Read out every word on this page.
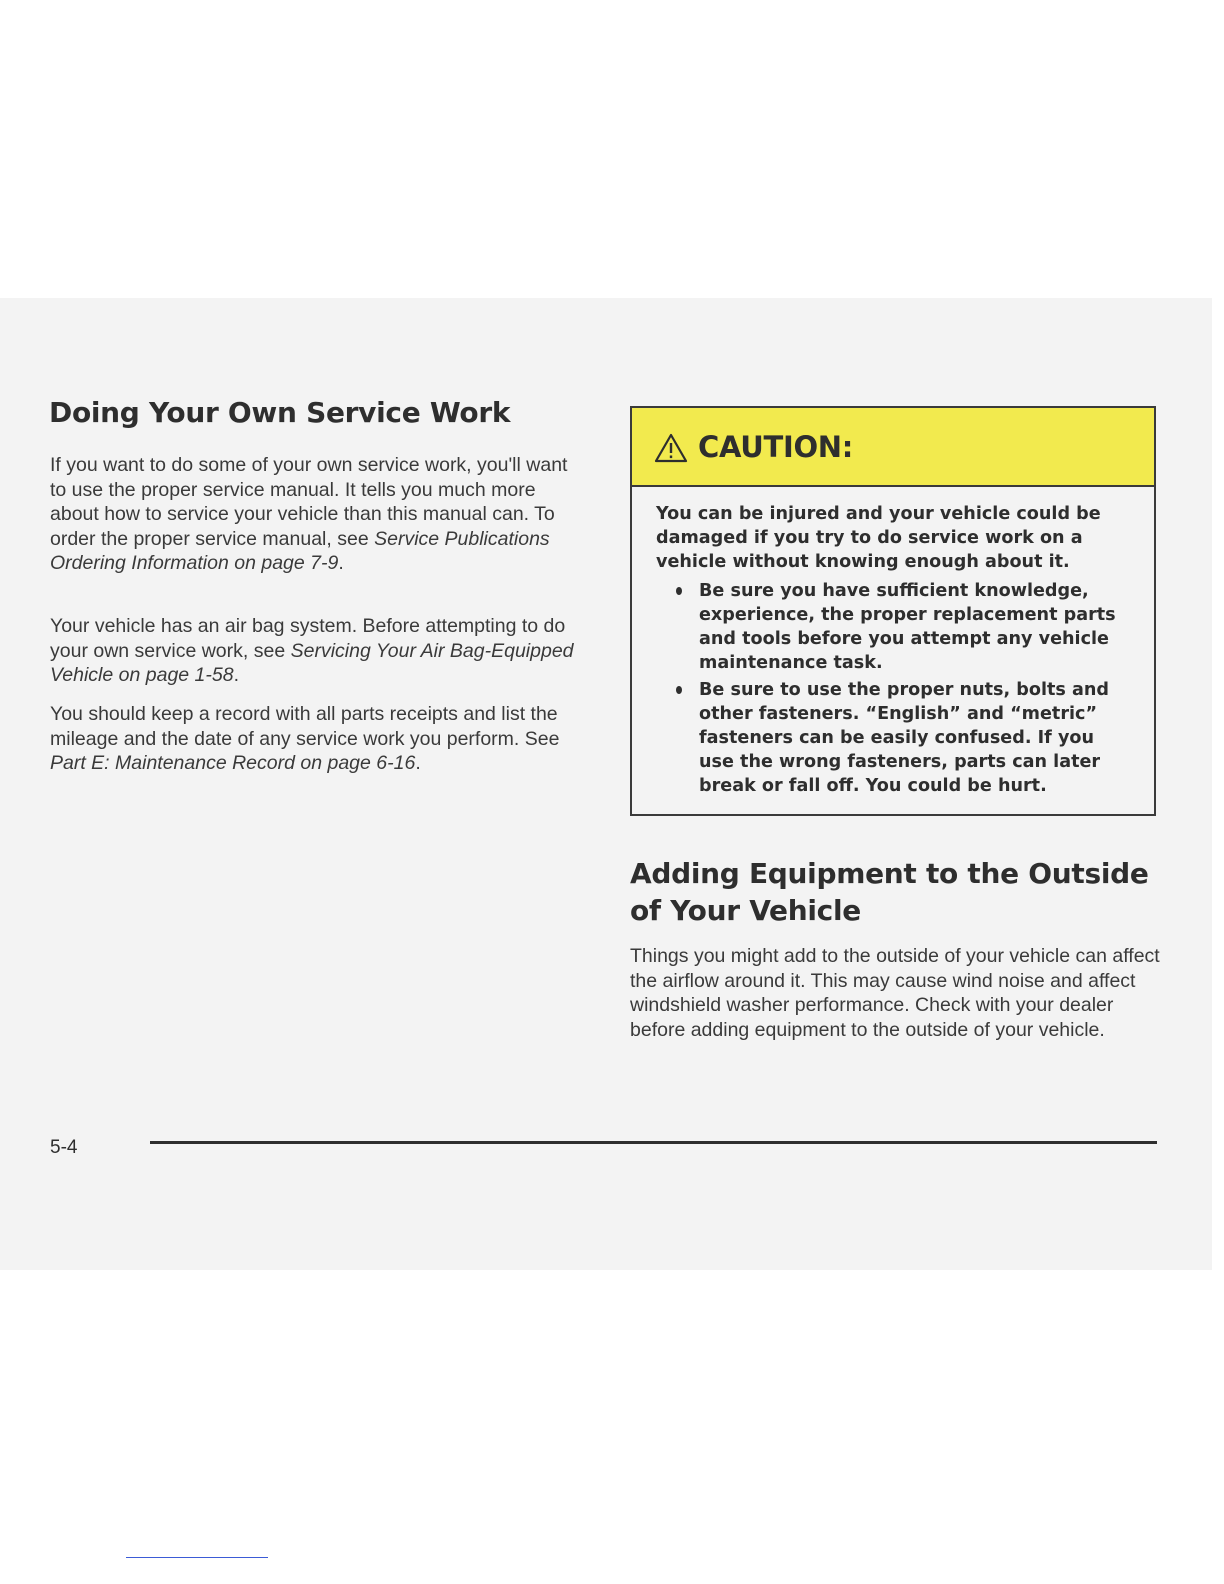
Doing Your Own Service Work

If you want to do some of your own service work, you'll want to use the proper service manual. It tells you much more about how to service your vehicle than this manual can. To order the proper service manual, see Service Publications Ordering Information on page 7-9.

Your vehicle has an air bag system. Before attempting to do your own service work, see Servicing Your Air Bag-Equipped Vehicle on page 1-58.

You should keep a record with all parts receipts and list the mileage and the date of any service work you perform. See Part E: Maintenance Record on page 6-16.

CAUTION:

You can be injured and your vehicle could be damaged if you try to do service work on a vehicle without knowing enough about it.

Be sure you have sufficient knowledge, experience, the proper replacement parts and tools before you attempt any vehicle maintenance task.
Be sure to use the proper nuts, bolts and other fasteners. “English” and “metric” fasteners can be easily confused. If you use the wrong fasteners, parts can later break or fall off. You could be hurt.
Adding Equipment to the Outside of Your Vehicle

Things you might add to the outside of your vehicle can affect the airflow around it. This may cause wind noise and affect windshield washer performance. Check with your dealer before adding equipment to the outside of your vehicle.

5-4
